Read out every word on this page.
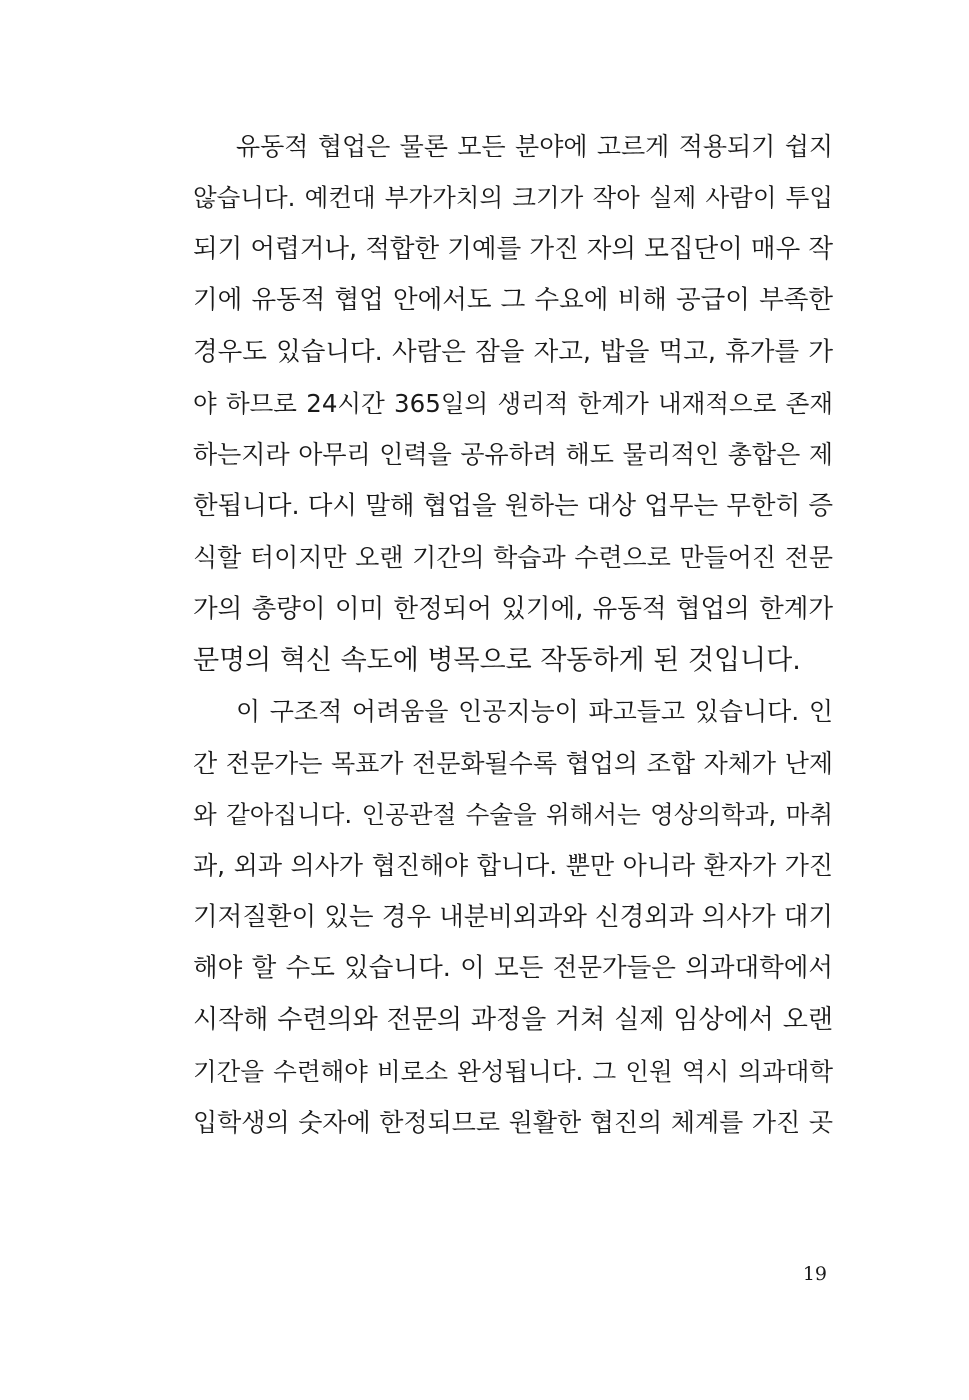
유동적 협업은 물론 모든 분야에 고르게 적용되기 쉽지
않습니다. 예컨대 부가가치의 크기가 작아 실제 사람이 투입
되기 어렵거나, 적합한 기예를 가진 자의 모집단이 매우 작
기에 유동적 협업 안에서도 그 수요에 비해 공급이 부족한
경우도 있습니다. 사람은 잠을 자고, 밥을 먹고, 휴가를 가
야 하므로 24시간 365일의 생리적 한계가 내재적으로 존재
하는지라 아무리 인력을 공유하려 해도 물리적인 총합은 제
한됩니다. 다시 말해 협업을 원하는 대상 업무는 무한히 증
식할 터이지만 오랜 기간의 학습과 수련으로 만들어진 전문
가의 총량이 이미 한정되어 있기에, 유동적 협업의 한계가
문명의 혁신 속도에 병목으로 작동하게 된 것입니다.
이 구조적 어려움을 인공지능이 파고들고 있습니다. 인
간 전문가는 목표가 전문화될수록 협업의 조합 자체가 난제
와 같아집니다. 인공관절 수술을 위해서는 영상의학과, 마취
과, 외과 의사가 협진해야 합니다. 뿐만 아니라 환자가 가진
기저질환이 있는 경우 내분비외과와 신경외과 의사가 대기
해야 할 수도 있습니다. 이 모든 전문가들은 의과대학에서
시작해 수련의와 전문의 과정을 거쳐 실제 임상에서 오랜
기간을 수련해야 비로소 완성됩니다. 그 인원 역시 의과대학
입학생의 숫자에 한정되므로 원활한 협진의 체계를 가진 곳
19
